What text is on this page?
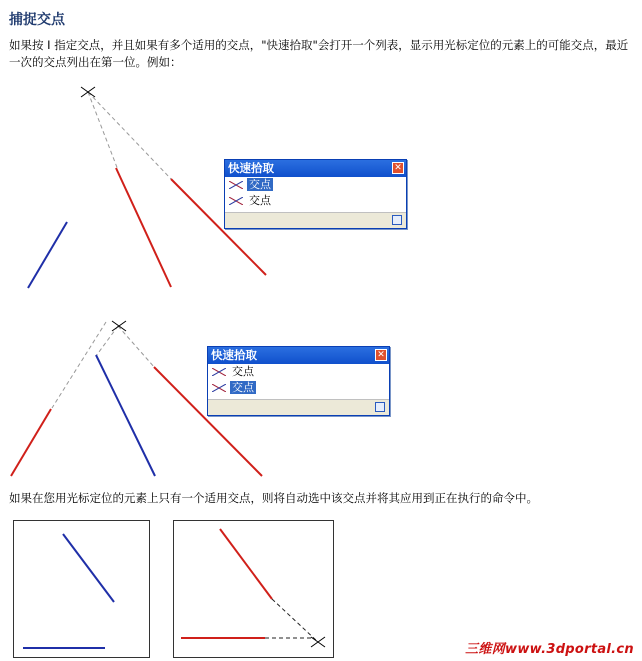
捕捉交点
如果按 I 指定交点，并且如果有多个适用的交点，"快速拾取"会打开一个列表，显示用光标定位的元素上的可能交点，最近一次的交点列出在第一位。例如：
快速拾取	✕
交点
交点
快速拾取	✕
交点
交点
如果在您用光标定位的元素上只有一个适用交点，则将自动选中该交点并将其应用到正在执行的命令中。
三维网www.3dportal.cn
